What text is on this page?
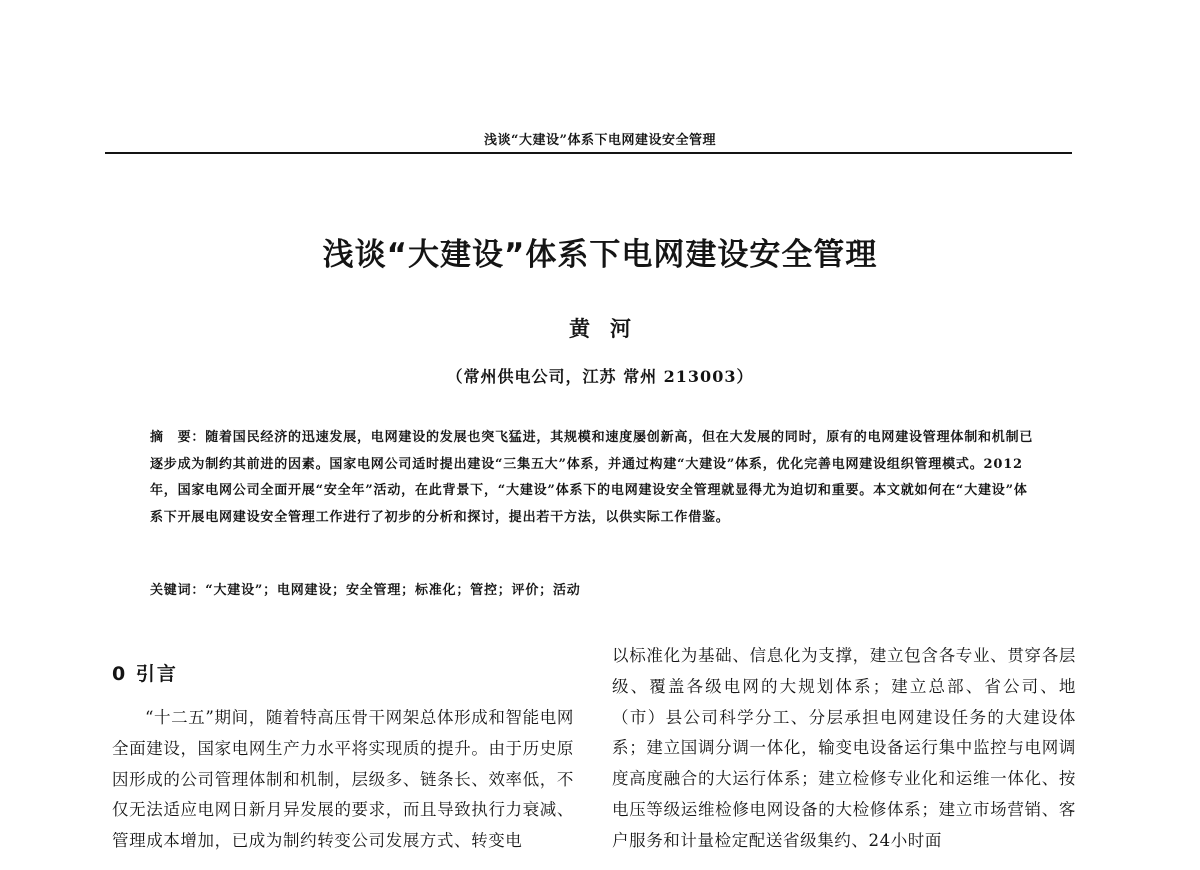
浅谈“大建设”体系下电网建设安全管理
浅谈“大建设”体系下电网建设安全管理
黄河
（常州供电公司，江苏 常州 213003）
摘　要：随着国民经济的迅速发展，电网建设的发展也突飞猛进，其规模和速度屡创新高，但在大发展的同时，原有的电网建设管理体制和机制已逐步成为制约其前进的因素。国家电网公司适时提出建设“三集五大”体系，并通过构建“大建设”体系，优化完善电网建设组织管理模式。2012年，国家电网公司全面开展“安全年”活动，在此背景下，“大建设”体系下的电网建设安全管理就显得尤为迫切和重要。本文就如何在“大建设”体系下开展电网建设安全管理工作进行了初步的分析和探讨，提出若干方法，以供实际工作借鉴。
关键词：“大建设”；电网建设；安全管理；标准化；管控；评价；活动
0 引言

“十二五”期间，随着特高压骨干网架总体形成和智能电网全面建设，国家电网生产力水平将实现质的提升。由于历史原因形成的公司管理体制和机制，层级多、链条长、效率低，不仅无法适应电网日新月异发展的要求，而且导致执行力衰减、管理成本增加，已成为制约转变公司发展方式、转变电

以标准化为基础、信息化为支撑，建立包含各专业、贯穿各层级、覆盖各级电网的大规划体系；建立总部、省公司、地（市）县公司科学分工、分层承担电网建设任务的大建设体系；建立国调分调一体化，输变电设备运行集中监控与电网调度高度融合的大运行体系；建立检修专业化和运维一体化、按电压等级运维检修电网设备的大检修体系；建立市场营销、客户服务和计量检定配送省级集约、24小时面
